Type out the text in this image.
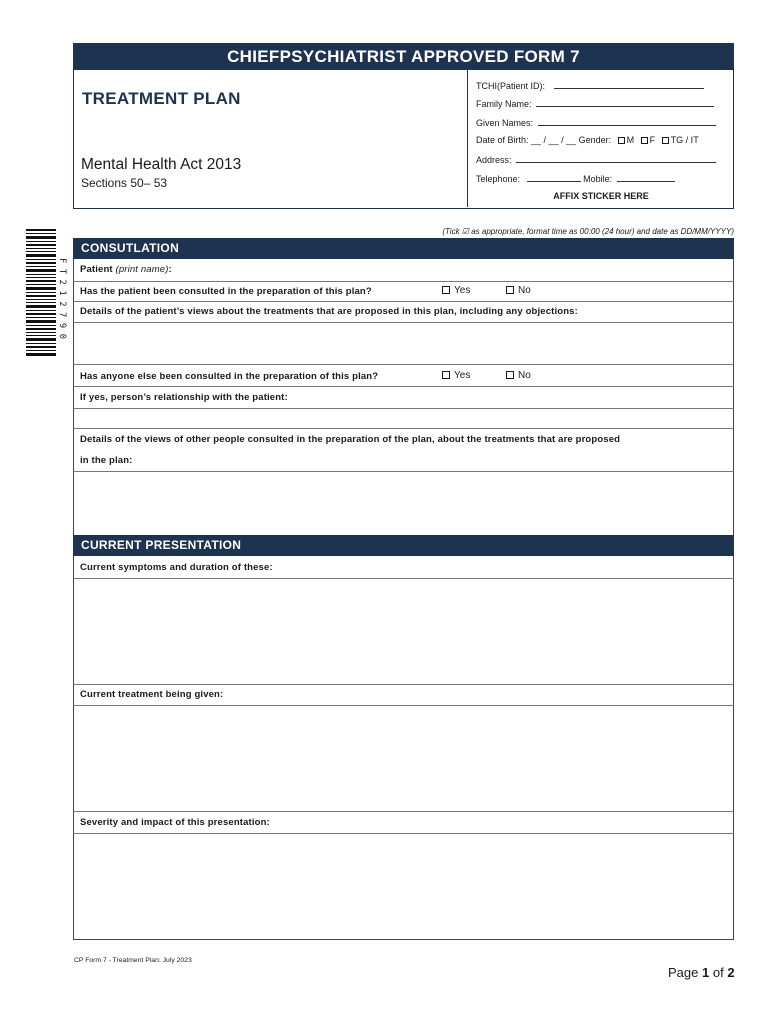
CHIEFPSYCHIATRIST APPROVED FORM 7
TREATMENT PLAN
Mental Health Act 2013
Sections 50– 53
TCHI(Patient ID):
Family Name:
Given Names:
Date of Birth: __ / __ / __ Gender: M F TG / IT
Address:
Telephone:	Mobile:
AFFIX STICKER HERE
F T 2 1 2 7 9 0
(Tick ☑ as appropriate, format time as 00:00 (24 hour) and date as DD/MM/YYYY)
CONSUTLATION
Patient (print name):
Has the patient been consulted in the preparation of this plan?	Yes	No
Details of the patient’s views about the treatments that are proposed in this plan, including any objections:
Has anyone else been consulted in the preparation of this plan?	Yes	No
If yes, person’s relationship with the patient:
Details of the views of other people consulted in the preparation of the plan, about the treatments that are proposed
in the plan:
CURRENT PRESENTATION
Current symptoms and duration of these:
Current treatment being given:
Severity and impact of this presentation:
CP Form 7 - Treatment Plan: July 2023
Page 1 of 2
